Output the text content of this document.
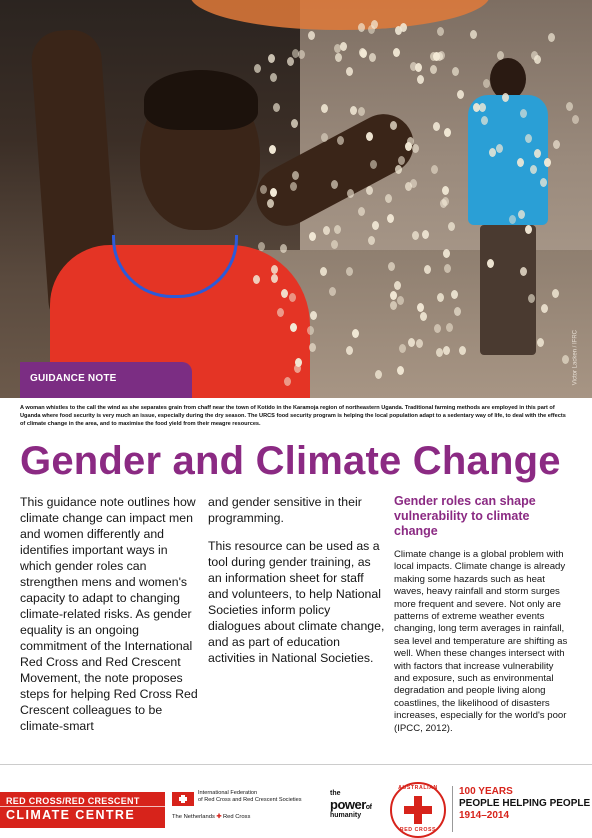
Victor Lacken / IFRC
GUIDANCE NOTE
A woman whistles to the call the wind as she separates grain from chaff near the town of Kotido in the Karamoja region of northeastern Uganda. Traditional farming methods are employed in this part of Uganda where food security is very much an issue, especially during the dry season. The URCS food security program is helping the local population adapt to a sedentary way of life, to deal with the effects of climate change in the area, and to maximise the food yield from their meagre resources.
Gender and Climate Change

This guidance note outlines how climate change can impact men and women differently and identifies important ways in which gender roles can strengthen mens and women's capacity to adapt to changing climate-related risks. As gender equality is an ongoing commitment of the International Red Cross and Red Crescent Movement, the note proposes steps for helping Red Cross Red Crescent colleagues to be climate-smart

and gender sensitive in their programming.

This resource can be used as a tool during gender training, as an information sheet for staff and volunteers, to help National Societies inform policy dialogues about climate change, and as part of education activities in National Societies.

Gender roles can shape vulnerability to climate change

Climate change is a global problem with local impacts. Climate change is already making some hazards such as heat waves, heavy rainfall and storm surges more frequent and severe. Not only are patterns of extreme weather events changing, long term averages in rainfall, sea level and temperature are shifting as well. When these changes intersect with with factors that increase vulnerability and exposure, such as environmental degradation and people living along coastlines, the likelihood of disasters increases, especially for the world's poor (IPCC, 2012).

RED CROSS/RED CRESCENT
CLIMATE CENTRE
International Federation
of Red Cross and Red Crescent Societies
The Netherlands ✚ Red Cross
the
powerof
humanity
AUSTRALIAN
RED CROSS
100 YEARS
PEOPLE HELPING PEOPLE
1914–2014
